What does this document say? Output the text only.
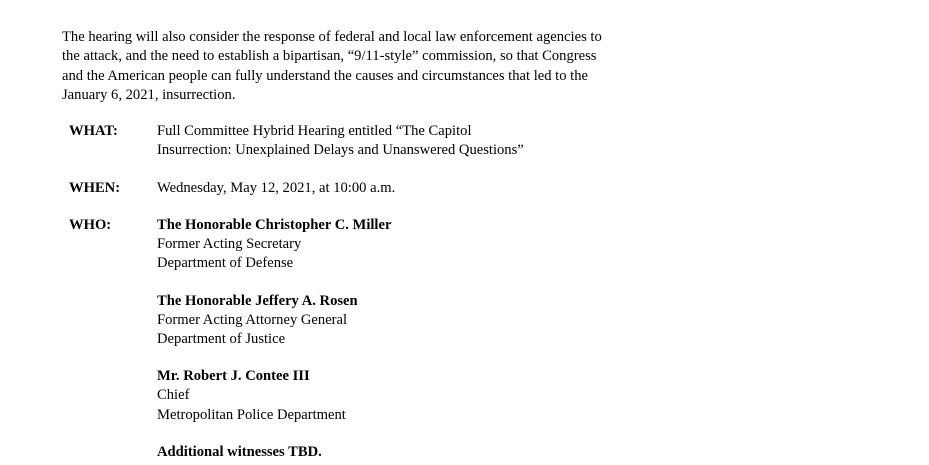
The hearing will also consider the response of federal and local law enforcement agencies to
the attack, and the need to establish a bipartisan, “9/11-style” commission, so that Congress
and the American people can fully understand the causes and circumstances that led to the
January 6, 2021, insurrection.

WHAT:	Full Committee Hybrid Hearing entitled “The Capitol
Insurrection: Unexplained Delays and Unanswered Questions”
WHEN:	Wednesday, May 12, 2021, at 10:00 a.m.
WHO:	The Honorable Christopher C. Miller
Former Acting Secretary
Department of Defense
The Honorable Jeffery A. Rosen
Former Acting Attorney General
Department of Justice
Mr. Robert J. Contee III
Chief
Metropolitan Police Department
Additional witnesses TBD.
